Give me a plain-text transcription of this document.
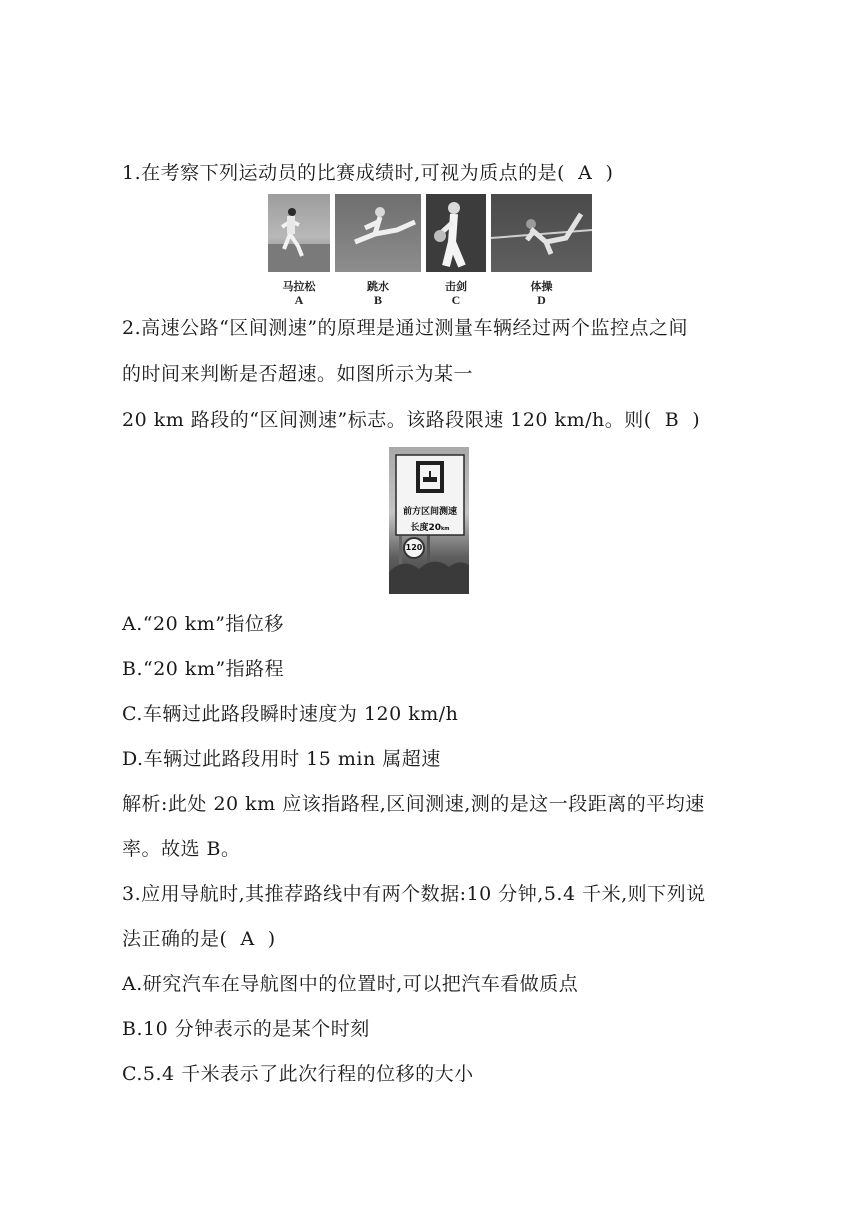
1.在考察下列运动员的比赛成绩时,可视为质点的是(  A  )
马拉松
A
跳水
B
击剑
C
体操
D
2.高速公路“区间测速”的原理是通过测量车辆经过两个监控点之间
的时间来判断是否超速。如图所示为某一
20 km 路段的“区间测速”标志。该路段限速 120 km/h。则(  B  )
前方区间测速
长度20km
120
A.“20 km”指位移
B.“20 km”指路程
C.车辆过此路段瞬时速度为 120 km/h
D.车辆过此路段用时 15 min 属超速
解析:此处 20 km 应该指路程,区间测速,测的是这一段距离的平均速
率。故选 B。
3.应用导航时,其推荐路线中有两个数据:10 分钟,5.4 千米,则下列说
法正确的是(  A  )
A.研究汽车在导航图中的位置时,可以把汽车看做质点
B.10 分钟表示的是某个时刻
C.5.4 千米表示了此次行程的位移的大小
